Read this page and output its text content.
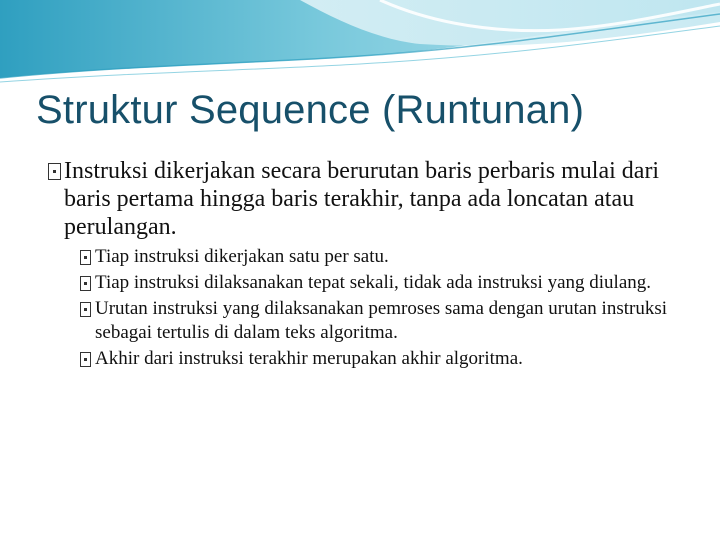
Struktur Sequence (Runtunan)

Instruksi dikerjakan secara berurutan baris perbaris mulai dari baris pertama hingga baris terakhir, tanpa ada loncatan atau perulangan.

Tiap instruksi dikerjakan satu per satu.

Tiap instruksi dilaksanakan tepat sekali, tidak ada instruksi yang diulang.

Urutan instruksi yang dilaksanakan pemroses sama dengan urutan instruksi sebagai tertulis di dalam teks algoritma.

Akhir dari instruksi terakhir merupakan akhir algoritma.
